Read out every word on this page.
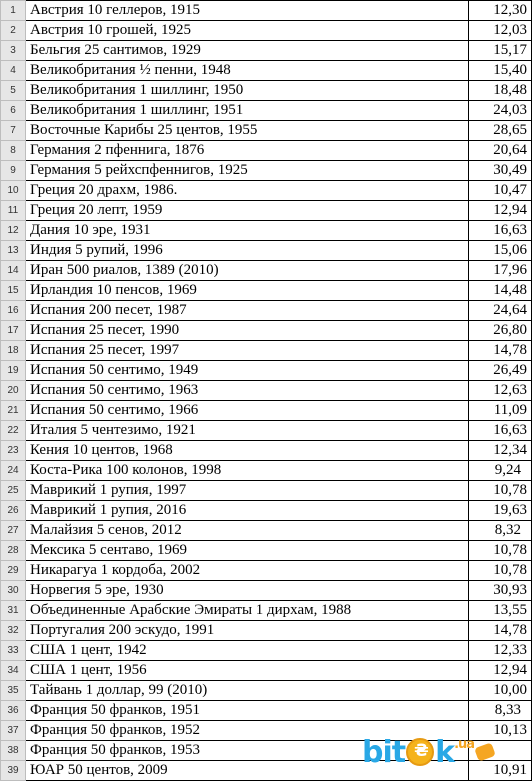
1	Австрия 10 геллеров, 1915	12,30
2	Австрия 10 грошей, 1925	12,03
3	Бельгия 25 сантимов, 1929	15,17
4	Великобритания ½ пенни, 1948	15,40
5	Великобритания 1 шиллинг, 1950	18,48
6	Великобритания 1 шиллинг, 1951	24,03
7	Восточные Карибы 25 центов, 1955	28,65
8	Германия 2 пфеннига, 1876	20,64
9	Германия 5 рейхспфеннигов, 1925	30,49
10	Греция 20 драхм, 1986.	10,47
11	Греция 20 лепт, 1959	12,94
12	Дания 10 эре, 1931	16,63
13	Индия 5 рупий, 1996	15,06
14	Иран 500 риалов, 1389 (2010)	17,96
15	Ирландия 10 пенсов, 1969	14,48
16	Испания 200 песет, 1987	24,64
17	Испания 25 песет, 1990	26,80
18	Испания 25 песет, 1997	14,78
19	Испания 50 сентимо, 1949	26,49
20	Испания 50 сентимо, 1963	12,63
21	Испания 50 сентимо, 1966	11,09
22	Италия 5 чентезимо, 1921	16,63
23	Кения 10 центов, 1968	12,34
24	Коста-Рика 100 колонов, 1998	9,24
25	Маврикий 1 рупия, 1997	10,78
26	Маврикий 1 рупия, 2016	19,63
27	Малайзия 5 сенов, 2012	8,32
28	Мексика 5 сентаво, 1969	10,78
29	Никарагуа 1 кордоба, 2002	10,78
30	Норвегия 5 эре, 1930	30,93
31	Объединенные Арабские Эмираты 1 дирхам, 1988	13,55
32	Португалия 200 эскудо, 1991	14,78
33	США 1 цент, 1942	12,33
34	США 1 цент, 1956	12,94
35	Тайвань 1 доллар, 99 (2010)	10,00
36	Франция 50 франков, 1951	8,33
37	Франция 50 франков, 1952	10,13
38	Франция 50 франков, 1953	
39	ЮАР 50 центов, 2009	10,91
bit ₴ k .ua
